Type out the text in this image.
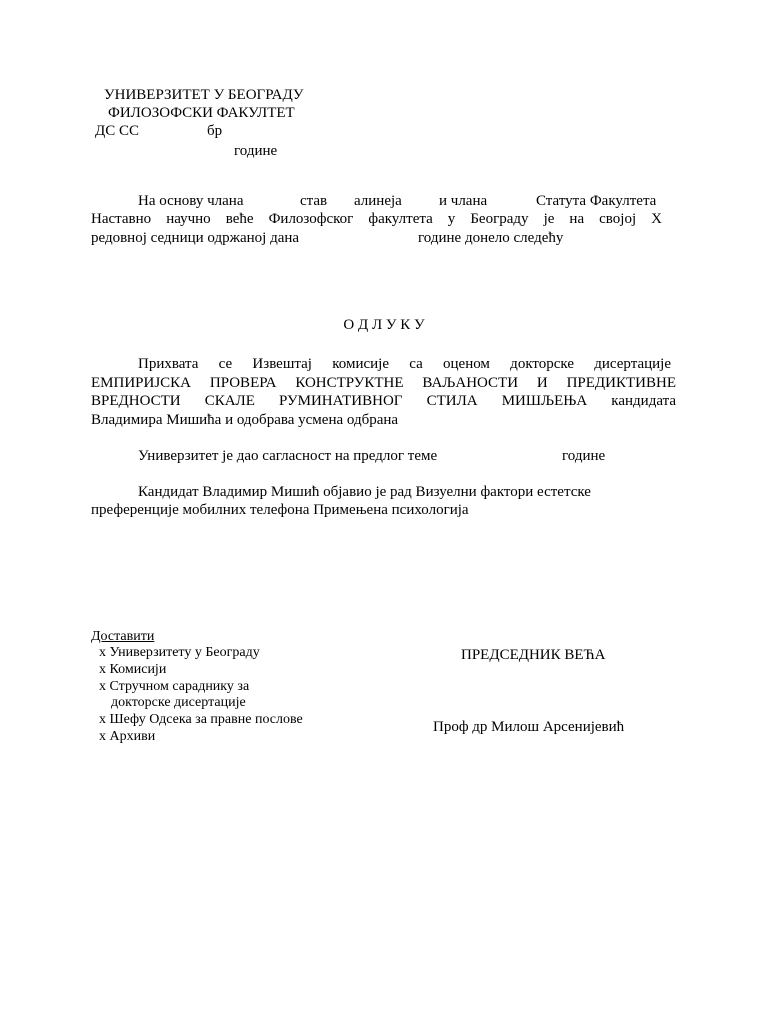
УНИВЕРЗИТЕТ У БЕОГРАДУ
ФИЛОЗОФСКИ ФАКУЛТЕТ
ДС СС	бр
године
На основу члана	став алинеја и члана	Статута Факултета
Наставно научно веће Филозофског факултета у Београду је на својој X
редовној седници одржаној дана	године донело следећу
О Д Л У К У
Прихвата се Извештај комисије са оценом докторске дисертације
ЕМПИРИЈСКА ПРОВЕРА КОНСТРУКТНЕ ВАЉАНОСТИ И ПРЕДИКТИВНЕ
ВРЕДНОСТИ СКАЛЕ РУМИНАТИВНОГ СТИЛА МИШЉЕЊА кандидата
Владимира Мишића и одобрава усмена одбрана
Универзитет је дао сагласност на предлог теме	године
Кандидат Владимир Мишић објавио је рад Визуелни фактори естетске
преференције мобилних телефона Примењена психологија
Доставити
x Универзитету у Београду
x Комисији
x Стручном сараднику за
докторске дисертације
x Шефу Одсека за правне послове
x Архиви
ПРЕДСЕДНИК ВЕЋА
Проф др Милош Арсенијевић
